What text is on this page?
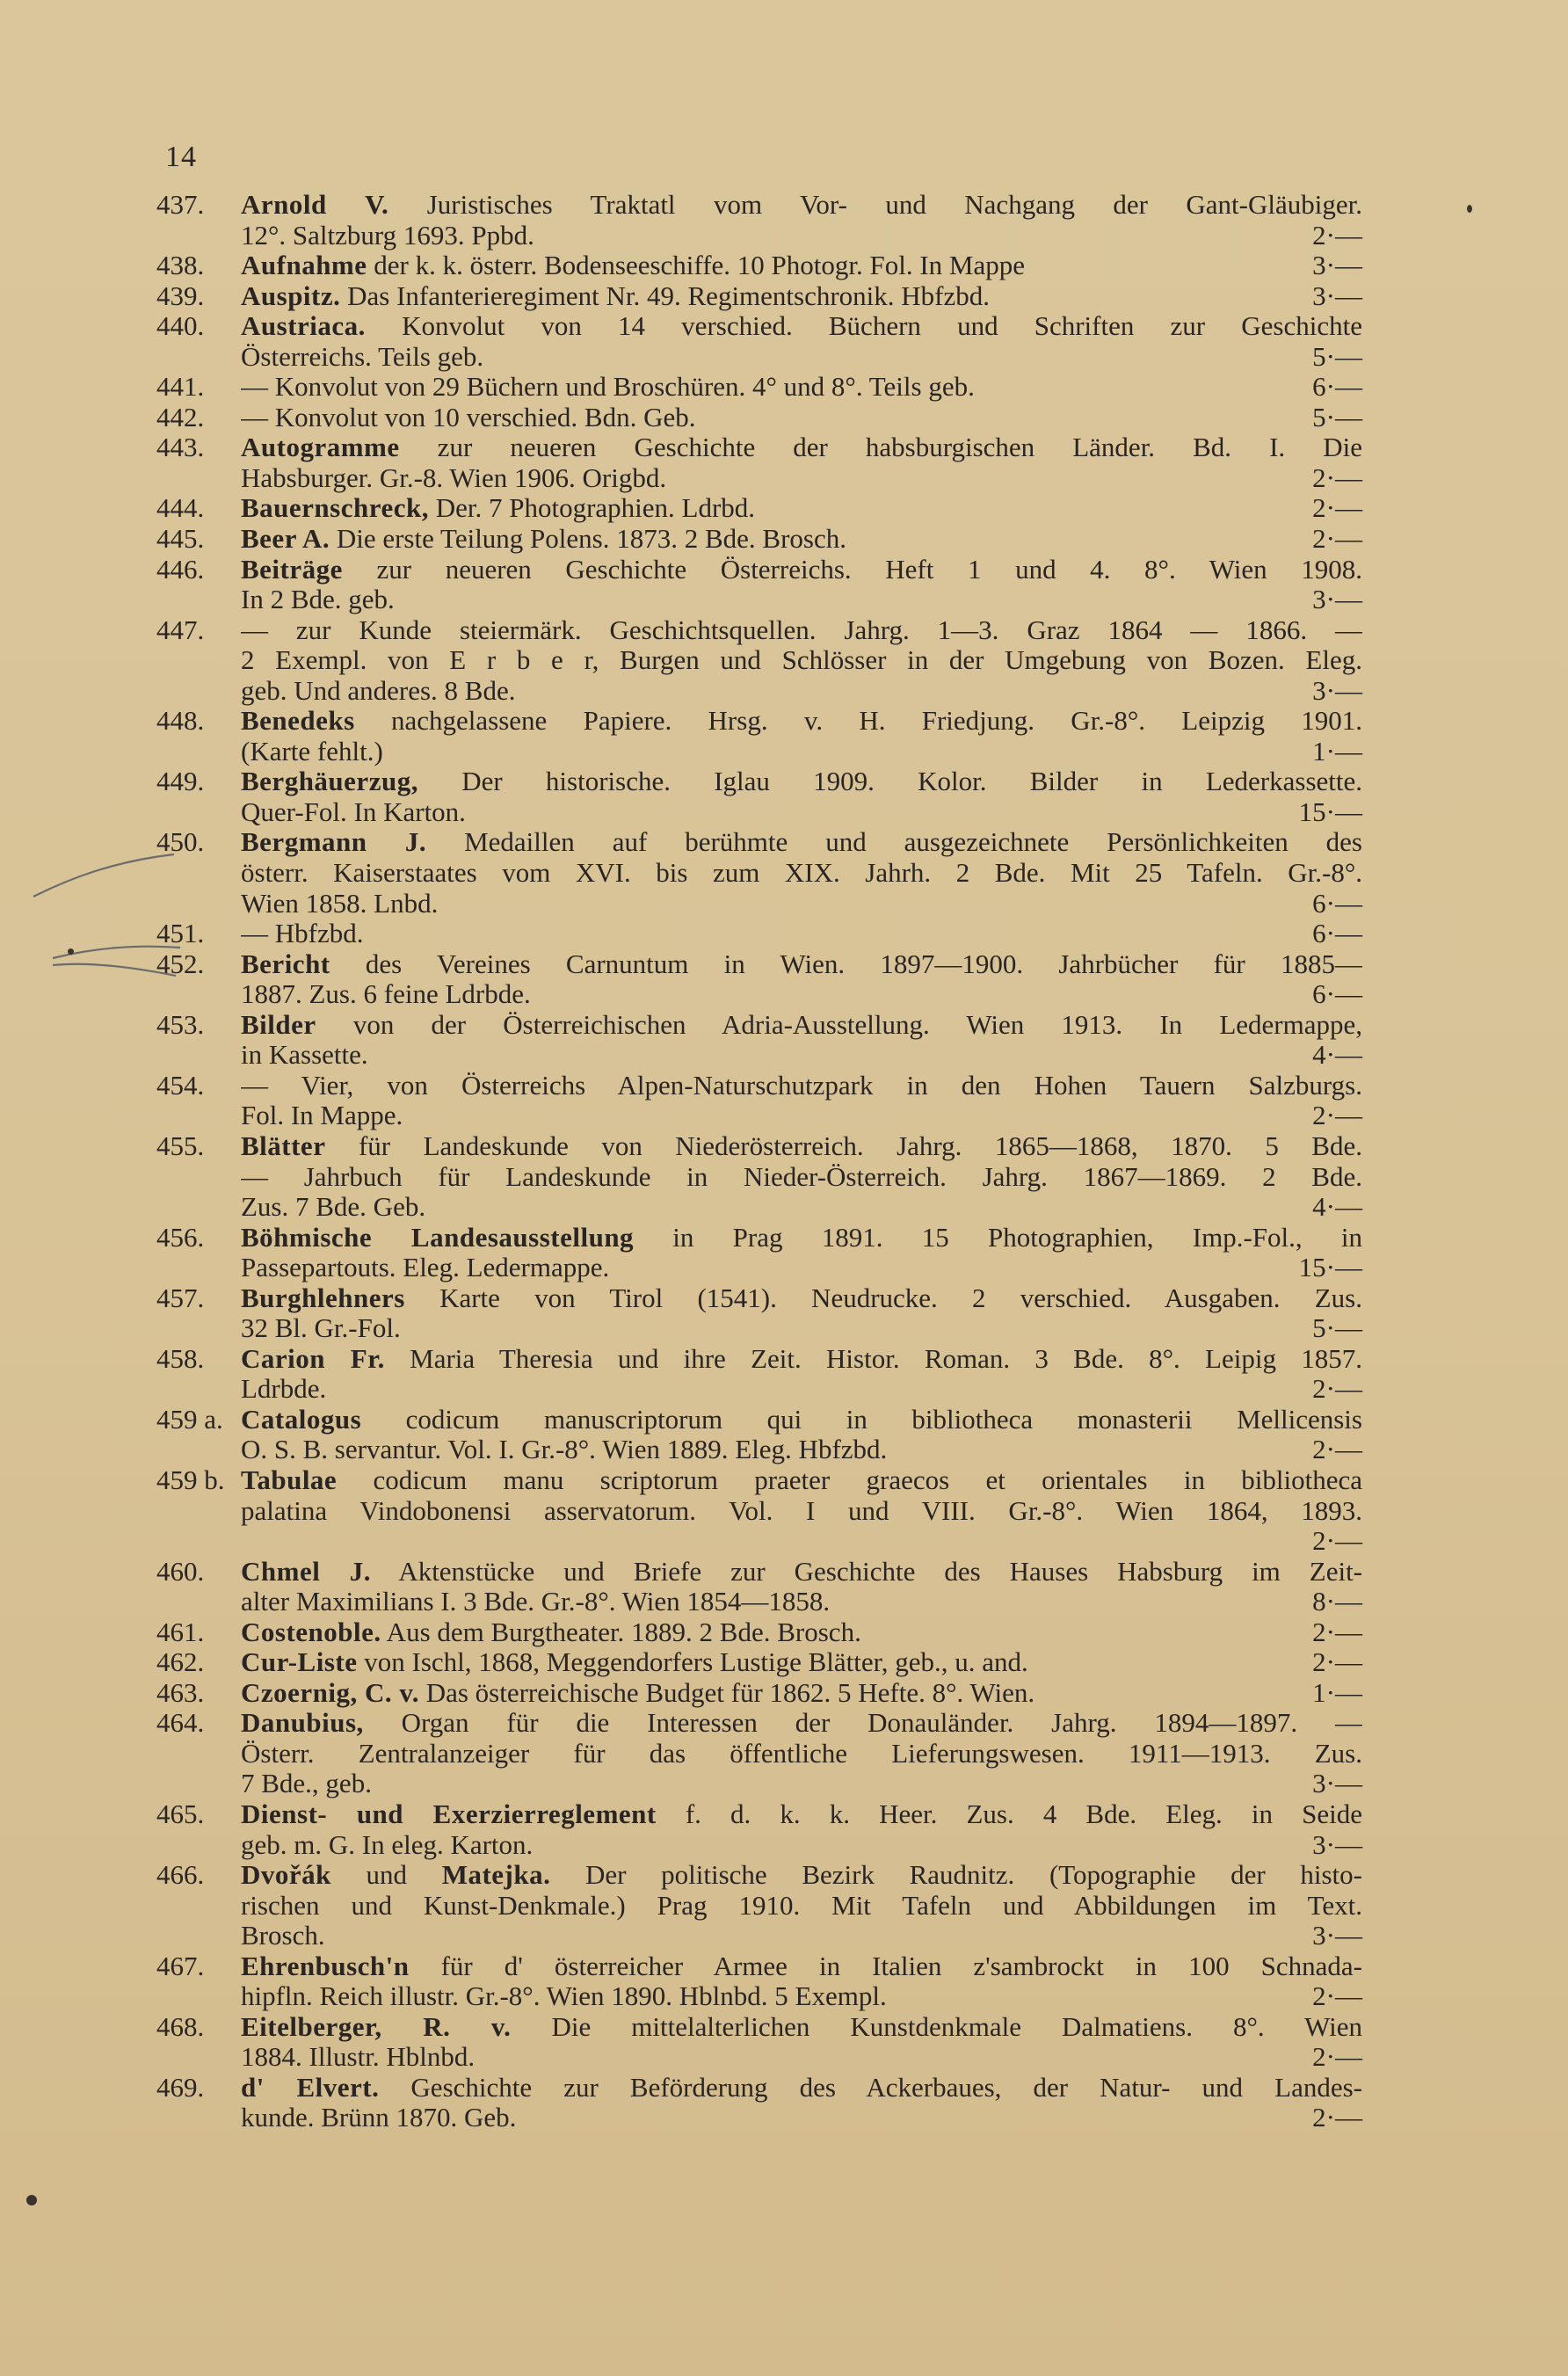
14
437. Arnold V. Juristisches Traktatl vom Vor- und Nachgang der Gant-Gläubiger.
12°. Saltzburg 1693. Ppbd.	2·—
438. Aufnahme der k. k. österr. Bodenseeschiffe. 10 Photogr. Fol. In Mappe	3·—
439. Auspitz. Das Infanterieregiment Nr. 49. Regimentschronik. Hbfzbd.	3·—
440. Austriaca. Konvolut von 14 verschied. Büchern und Schriften zur Geschichte
Österreichs. Teils geb.	5·—
441. — Konvolut von 29 Büchern und Broschüren. 4° und 8°. Teils geb.	6·—
442. — Konvolut von 10 verschied. Bdn. Geb.	5·—
443. Autogramme zur neueren Geschichte der habsburgischen Länder. Bd. I. Die
Habsburger. Gr.-8. Wien 1906. Origbd.	2·—
444. Bauernschreck, Der. 7 Photographien. Ldrbd.	2·—
445. Beer A. Die erste Teilung Polens. 1873. 2 Bde. Brosch.	2·—
446. Beiträge zur neueren Geschichte Österreichs. Heft 1 und 4. 8°. Wien 1908.
In 2 Bde. geb.	3·—
447. — zur Kunde steiermärk. Geschichtsquellen. Jahrg. 1—3. Graz 1864 — 1866. —
2 Exempl. von E r b e r, Burgen und Schlösser in der Umgebung von Bozen. Eleg.
geb. Und anderes. 8 Bde.	3·—
448. Benedeks nachgelassene Papiere. Hrsg. v. H. Friedjung. Gr.-8°. Leipzig 1901.
(Karte fehlt.)	1·—
449. Berghäuerzug, Der historische. Iglau 1909. Kolor. Bilder in Lederkassette.
Quer-Fol. In Karton.	15·—
450. Bergmann J. Medaillen auf berühmte und ausgezeichnete Persönlichkeiten des
österr. Kaiserstaates vom XVI. bis zum XIX. Jahrh. 2 Bde. Mit 25 Tafeln. Gr.-8°.
Wien 1858. Lnbd.	6·—
451. — Hbfzbd.	6·—
452. Bericht des Vereines Carnuntum in Wien. 1897—1900. Jahrbücher für 1885—
1887. Zus. 6 feine Ldrbde.	6·—
453. Bilder von der Österreichischen Adria-Ausstellung. Wien 1913. In Ledermappe,
in Kassette.	4·—
454. — Vier, von Österreichs Alpen-Naturschutzpark in den Hohen Tauern Salzburgs.
Fol. In Mappe.	2·—
455. Blätter für Landeskunde von Niederösterreich. Jahrg. 1865—1868, 1870. 5 Bde.
— Jahrbuch für Landeskunde in Nieder-Österreich. Jahrg. 1867—1869. 2 Bde.
Zus. 7 Bde. Geb.	4·—
456. Böhmische Landesausstellung in Prag 1891. 15 Photographien, Imp.-Fol., in
Passepartouts. Eleg. Ledermappe.	15·—
457. Burghlehners Karte von Tirol (1541). Neudrucke. 2 verschied. Ausgaben. Zus.
32 Bl. Gr.-Fol.	5·—
458. Carion Fr. Maria Theresia und ihre Zeit. Histor. Roman. 3 Bde. 8°. Leipig 1857.
Ldrbde.	2·—
459 a. Catalogus codicum manuscriptorum qui in bibliotheca monasterii Mellicensis
O. S. B. servantur. Vol. I. Gr.-8°. Wien 1889. Eleg. Hbfzbd.	2·—
459 b. Tabulae codicum manu scriptorum praeter graecos et orientales in bibliotheca
palatina Vindobonensi asservatorum. Vol. I und VIII. Gr.-8°. Wien 1864, 1893.
2·—
460. Chmel J. Aktenstücke und Briefe zur Geschichte des Hauses Habsburg im Zeit-
alter Maximilians I. 3 Bde. Gr.-8°. Wien 1854—1858.	8·—
461. Costenoble. Aus dem Burgtheater. 1889. 2 Bde. Brosch.	2·—
462. Cur-Liste von Ischl, 1868, Meggendorfers Lustige Blätter, geb., u. and.	2·—
463. Czoernig, C. v. Das österreichische Budget für 1862. 5 Hefte. 8°. Wien.	1·—
464. Danubius, Organ für die Interessen der Donauländer. Jahrg. 1894—1897. —
Österr. Zentralanzeiger für das öffentliche Lieferungswesen. 1911—1913. Zus.
7 Bde., geb.	3·—
465. Dienst- und Exerzierreglement f. d. k. k. Heer. Zus. 4 Bde. Eleg. in Seide
geb. m. G. In eleg. Karton.	3·—
466. Dvořák und Matejka. Der politische Bezirk Raudnitz. (Topographie der histo-
rischen und Kunst-Denkmale.) Prag 1910. Mit Tafeln und Abbildungen im Text.
Brosch.	3·—
467. Ehrenbusch'n für d' österreicher Armee in Italien z'sambrockt in 100 Schnada-
hipfln. Reich illustr. Gr.-8°. Wien 1890. Hblnbd. 5 Exempl.	2·—
468. Eitelberger, R. v. Die mittelalterlichen Kunstdenkmale Dalmatiens. 8°. Wien
1884. Illustr. Hblnbd.	2·—
469. d' Elvert. Geschichte zur Beförderung des Ackerbaues, der Natur- und Landes-
kunde. Brünn 1870. Geb.	2·—
